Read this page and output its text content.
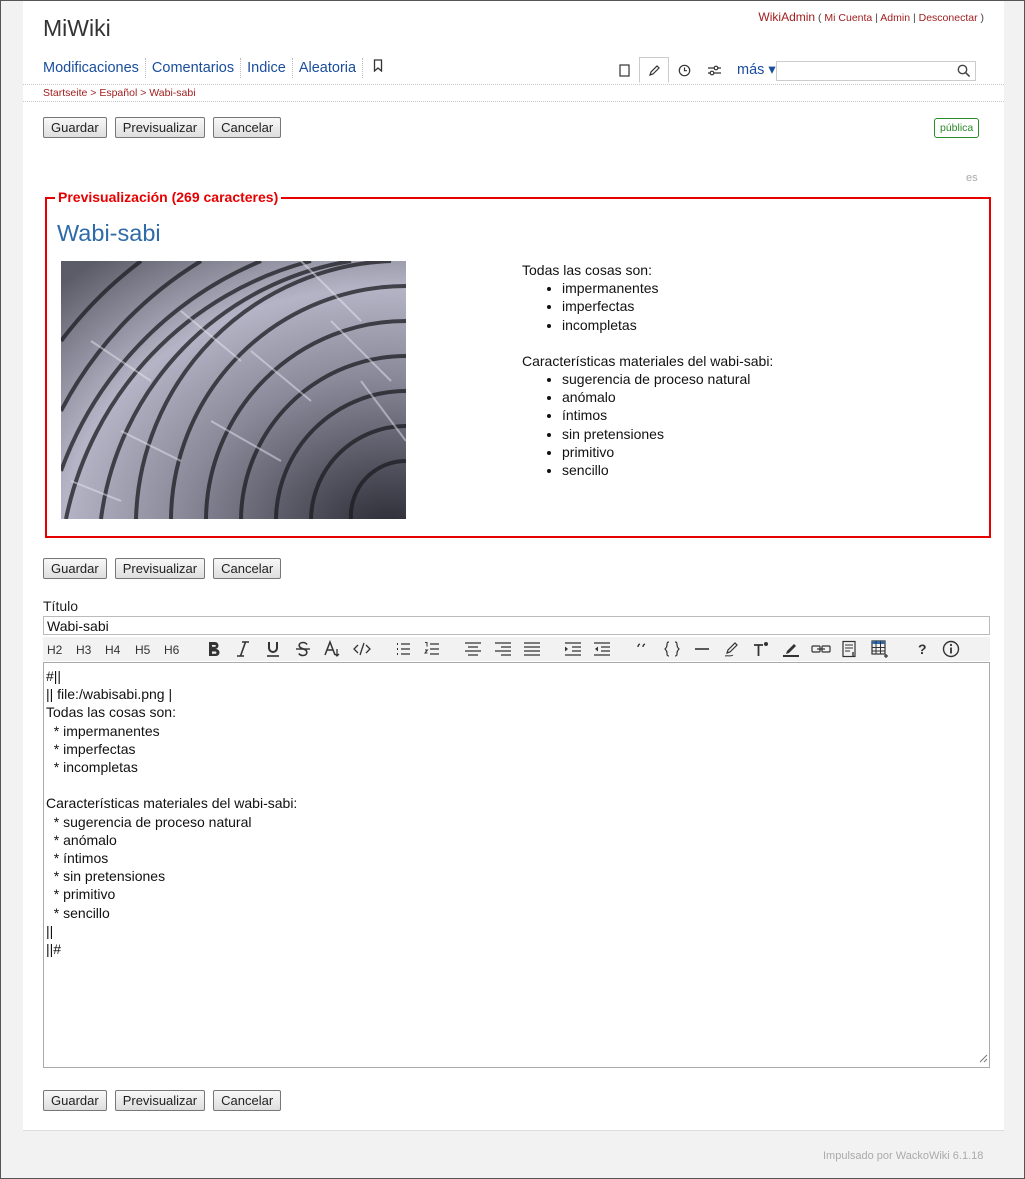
MiWiki	WikiAdmin ( Mi Cuenta | Admin | Desconectar )
Modificaciones Comentarios Indice Aleatoria	más ▾
Startseite > Español > Wabi-sabi
Guardar	Previsualizar	Cancelar	pública
es
Previsualización (269 caracteres)
Wabi-sabi
Todas las cosas son:
• impermanentes
• imperfectas
• incompletas
Características materiales del wabi-sabi:
• sugerencia de proceso natural
• anómalo
• íntimos
• sin pretensiones
• primitivo
• sencillo
Guardar	Previsualizar	Cancelar
Título
Wabi-sabi
H2 H3 H4 H5 H6	?
#||
|| file:/wabisabi.png |
Todas las cosas son:
* impermanentes
* imperfectas
* incompletas

Características materiales del wabi-sabi:
* sugerencia de proceso natural
* anómalo
* íntimos
* sin pretensiones
* primitivo
* sencillo
||
||#
Guardar	Previsualizar	Cancelar
Impulsado por WackoWiki 6.1.18
